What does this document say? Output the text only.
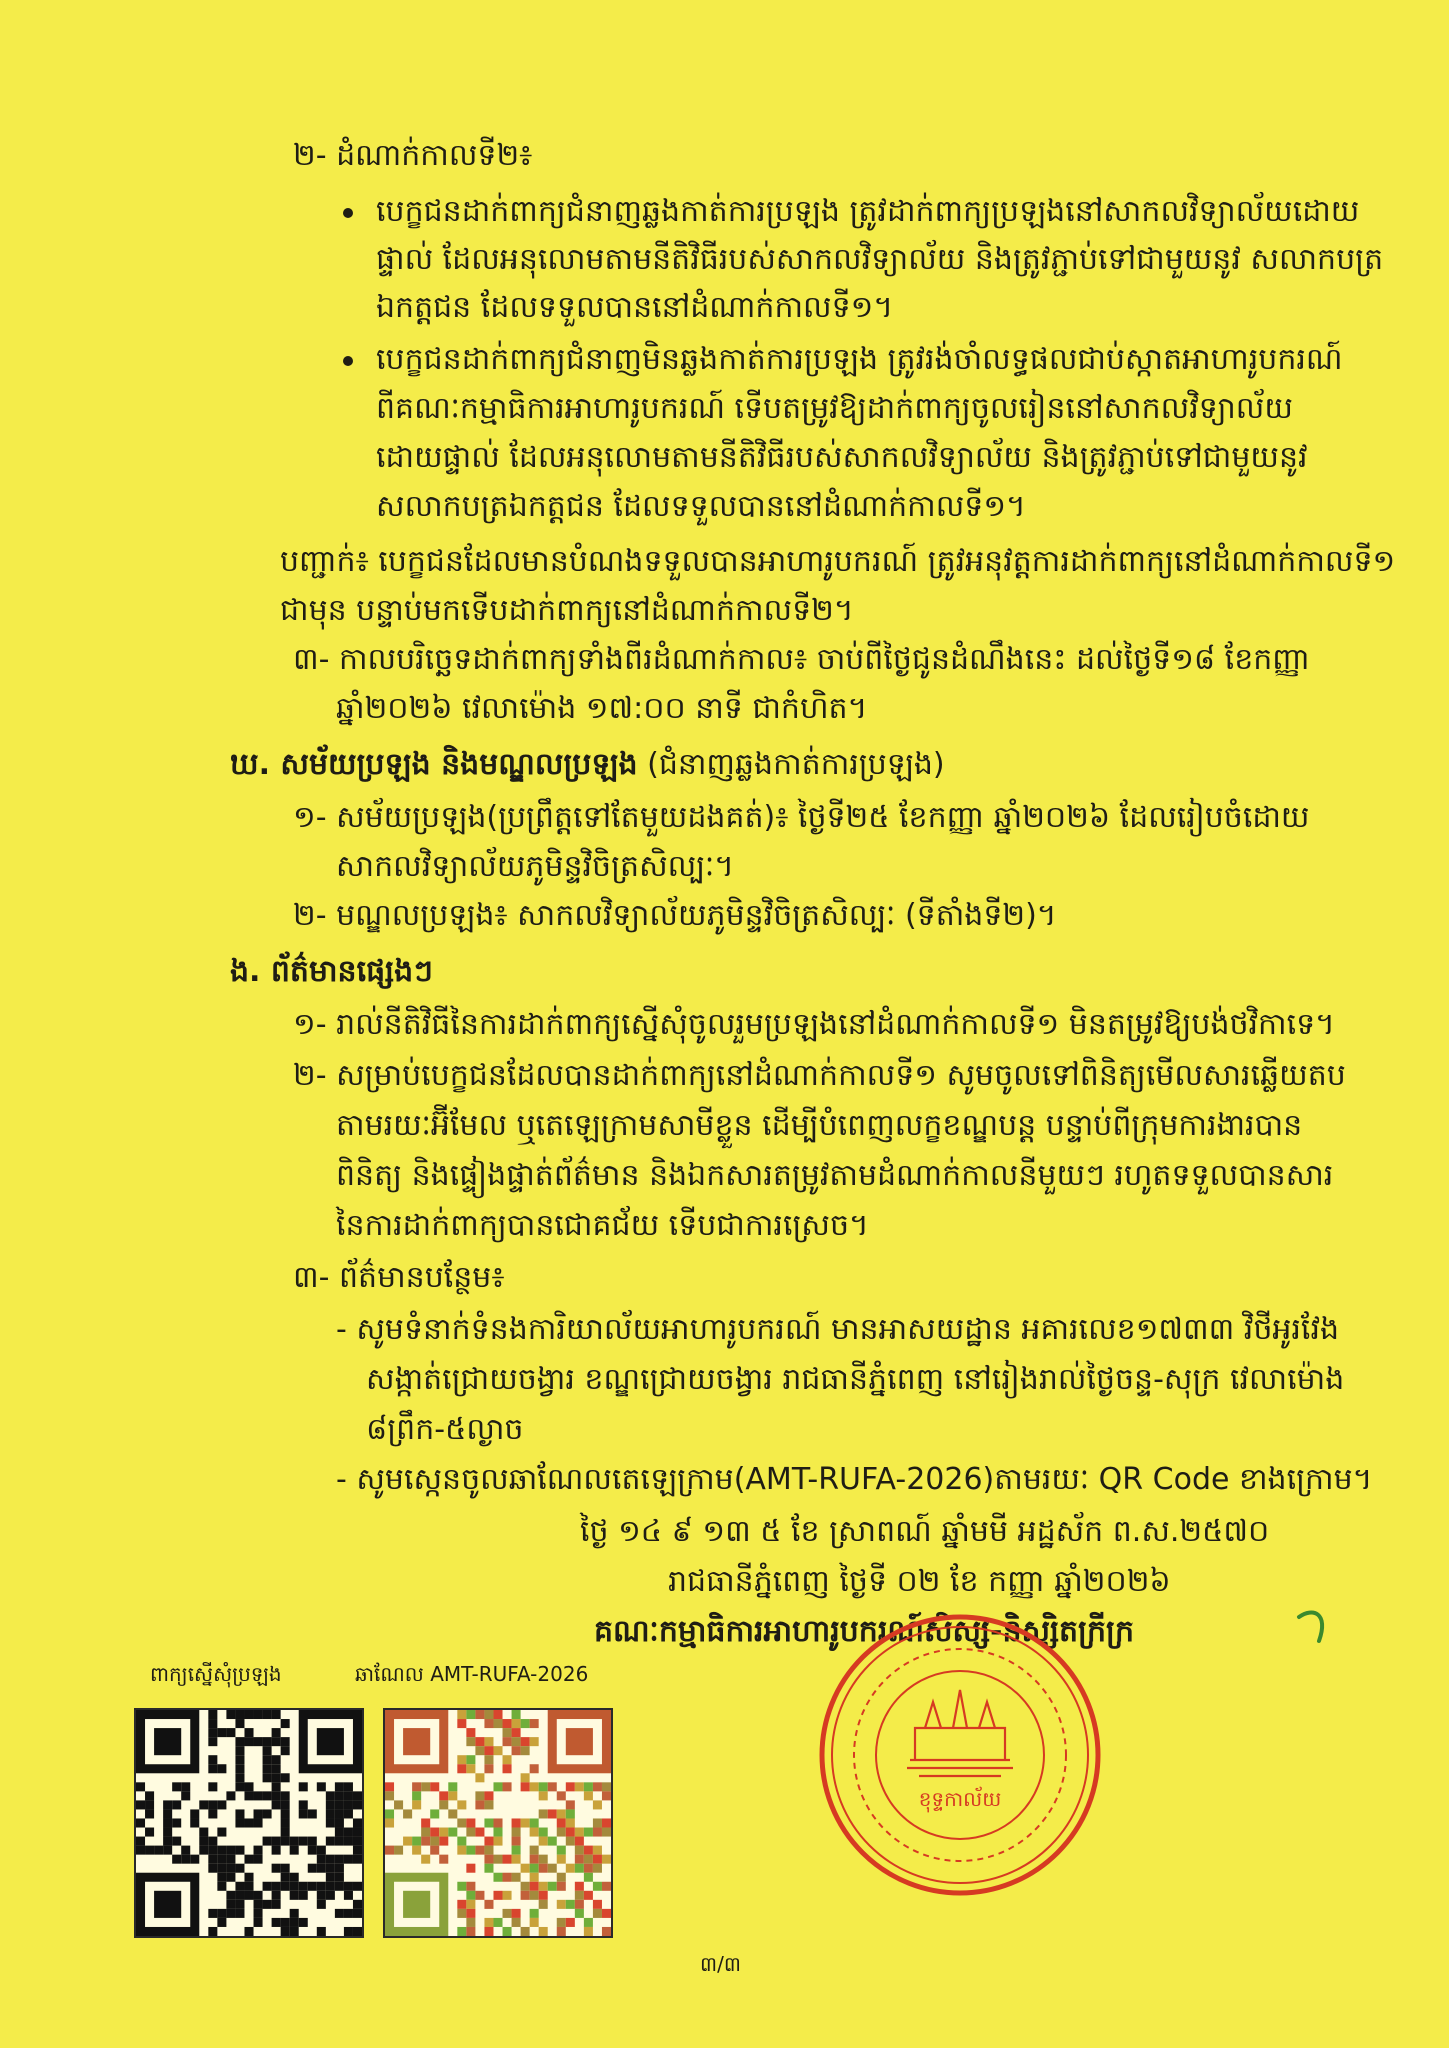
២- ដំណាក់កាលទី២៖
បេក្ខជនដាក់ពាក្យជំនាញឆ្លងកាត់ការប្រឡង ត្រូវដាក់ពាក្យប្រឡងនៅសាកលវិទ្យាល័យដោយ
ផ្ទាល់ ដែលអនុលោមតាមនីតិវិធីរបស់សាកលវិទ្យាល័យ និងត្រូវភ្ជាប់ទៅជាមួយនូវ សលាកបត្រ
ឯកត្តជន ដែលទទួលបាននៅដំណាក់កាលទី១។
បេក្ខជនដាក់ពាក្យជំនាញមិនឆ្លងកាត់ការប្រឡង ត្រូវរង់ចាំលទ្ធផលជាប់ស្កាតអាហារូបករណ៍
ពីគណៈកម្មាធិការអាហារូបករណ៍ ទើបតម្រូវឱ្យដាក់ពាក្យចូលរៀននៅសាកលវិទ្យាល័យ
ដោយផ្ទាល់ ដែលអនុលោមតាមនីតិវិធីរបស់សាកលវិទ្យាល័យ និងត្រូវភ្ជាប់ទៅជាមួយនូវ
សលាកបត្រឯកត្តជន ដែលទទួលបាននៅដំណាក់កាលទី១។
បញ្ជាក់៖ បេក្ខជនដែលមានបំណងទទួលបានអាហារូបករណ៍ ត្រូវអនុវត្តការដាក់ពាក្យនៅដំណាក់កាលទី១
ជាមុន បន្ទាប់មកទើបដាក់ពាក្យនៅដំណាក់កាលទី២។
៣- កាលបរិច្ឆេទដាក់ពាក្យទាំងពីរដំណាក់កាល៖ ចាប់ពីថ្ងៃជូនដំណឹងនេះ ដល់ថ្ងៃទី១៨ ខែកញ្ញា
ឆ្នាំ២០២៦ វេលាម៉ោង ១៧:០០ នាទី ជាកំហិត។
ឃ. សម័យប្រឡង និងមណ្ឌលប្រឡង (ជំនាញឆ្លងកាត់ការប្រឡង)
១- សម័យប្រឡង(ប្រព្រឹត្តទៅតែមួយដងគត់)៖ ថ្ងៃទី២៥ ខែកញ្ញា ឆ្នាំ២០២៦ ដែលរៀបចំដោយ
សាកលវិទ្យាល័យភូមិន្ទវិចិត្រសិល្បៈ។
២- មណ្ឌលប្រឡង៖ សាកលវិទ្យាល័យភូមិន្ទវិចិត្រសិល្បៈ (ទីតាំងទី២)។
ង. ព័ត៌មានផ្សេងៗ
១- រាល់នីតិវិធីនៃការដាក់ពាក្យស្នើសុំចូលរួមប្រឡងនៅដំណាក់កាលទី១ មិនតម្រូវឱ្យបង់ថវិកាទេ។
២- សម្រាប់បេក្ខជនដែលបានដាក់ពាក្យនៅដំណាក់កាលទី១ សូមចូលទៅពិនិត្យមើលសារឆ្លើយតប
តាមរយៈអ៊ីមែល ឬតេឡេក្រាមសាមីខ្លួន ដើម្បីបំពេញលក្ខខណ្ឌបន្ត បន្ទាប់ពីក្រុមការងារបាន
ពិនិត្យ និងផ្ទៀងផ្ទាត់ព័ត៌មាន និងឯកសារតម្រូវតាមដំណាក់កាលនីមួយៗ រហូតទទួលបានសារ
នៃការដាក់ពាក្យបានជោគជ័យ ទើបជាការស្រេច។
៣- ព័ត៌មានបន្ថែម៖
- សូមទំនាក់ទំនងការិយាល័យអាហារូបករណ៍ មានអាសយដ្ឋាន អគារលេខ១៧៣៣ វិថីអូរវែង
សង្កាត់ជ្រោយចង្វារ ខណ្ឌជ្រោយចង្វារ រាជធានីភ្នំពេញ នៅរៀងរាល់ថ្ងៃចន្ទ-សុក្រ វេលាម៉ោង
៨ព្រឹក-៥ល្ងាច
- សូមស្កេនចូលឆាណែលតេឡេក្រាម(AMT-RUFA-2026)តាមរយៈ QR Code ខាងក្រោម។
ថ្ងៃ ១៤ ៩ ១៣ ៥ ខែ ស្រាពណ៍ ឆ្នាំមមី អដ្ឋស័ក ព.ស.២៥៧០
រាជធានីភ្នំពេញ ថ្ងៃទី ០២ ខែ កញ្ញា ឆ្នាំ២០២៦
គណៈកម្មាធិការអាហារូបករណ៍សិស្ស-និស្សិតក្រីក្រ
ពាក្យស្នើសុំប្រឡង	ឆាណែល AMT-RUFA-2026
ខុទ្ទកាល័យ
៣/៣
